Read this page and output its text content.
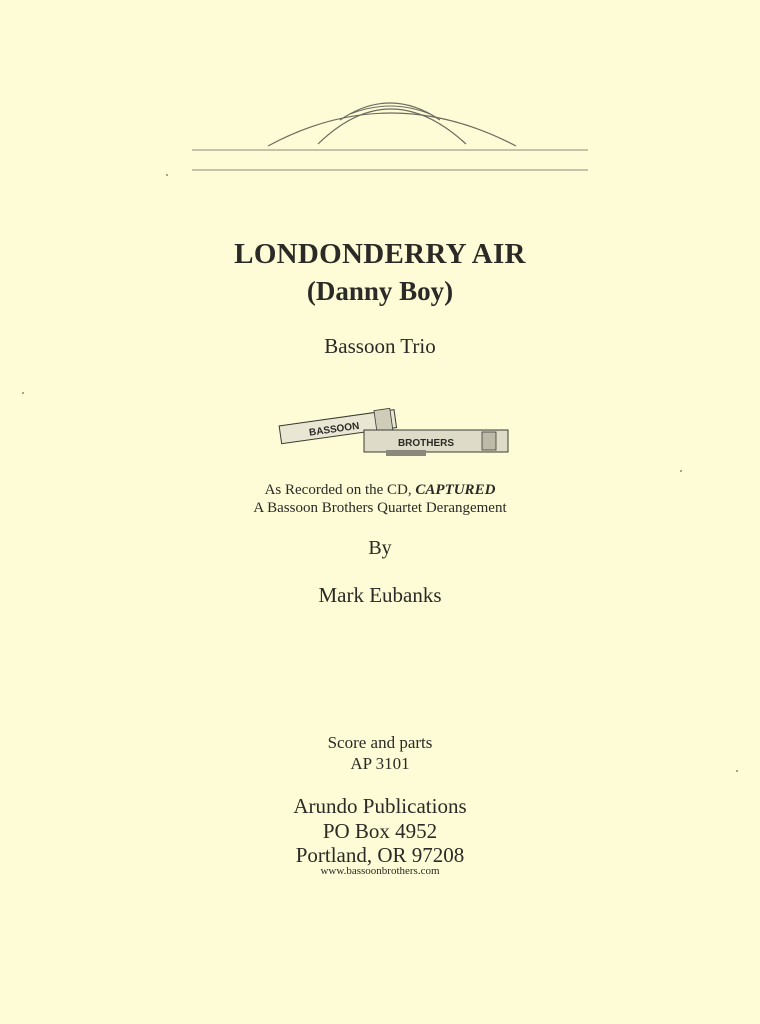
LONDONDERRY AIR
(Danny Boy)
Bassoon Trio
BASSOON
BROTHERS
As Recorded on the CD, CAPTURED
A Bassoon Brothers Quartet Derangement
By
Mark Eubanks
Score and parts
AP 3101
Arundo Publications
PO Box 4952
Portland, OR 97208
www.bassoonbrothers.com
